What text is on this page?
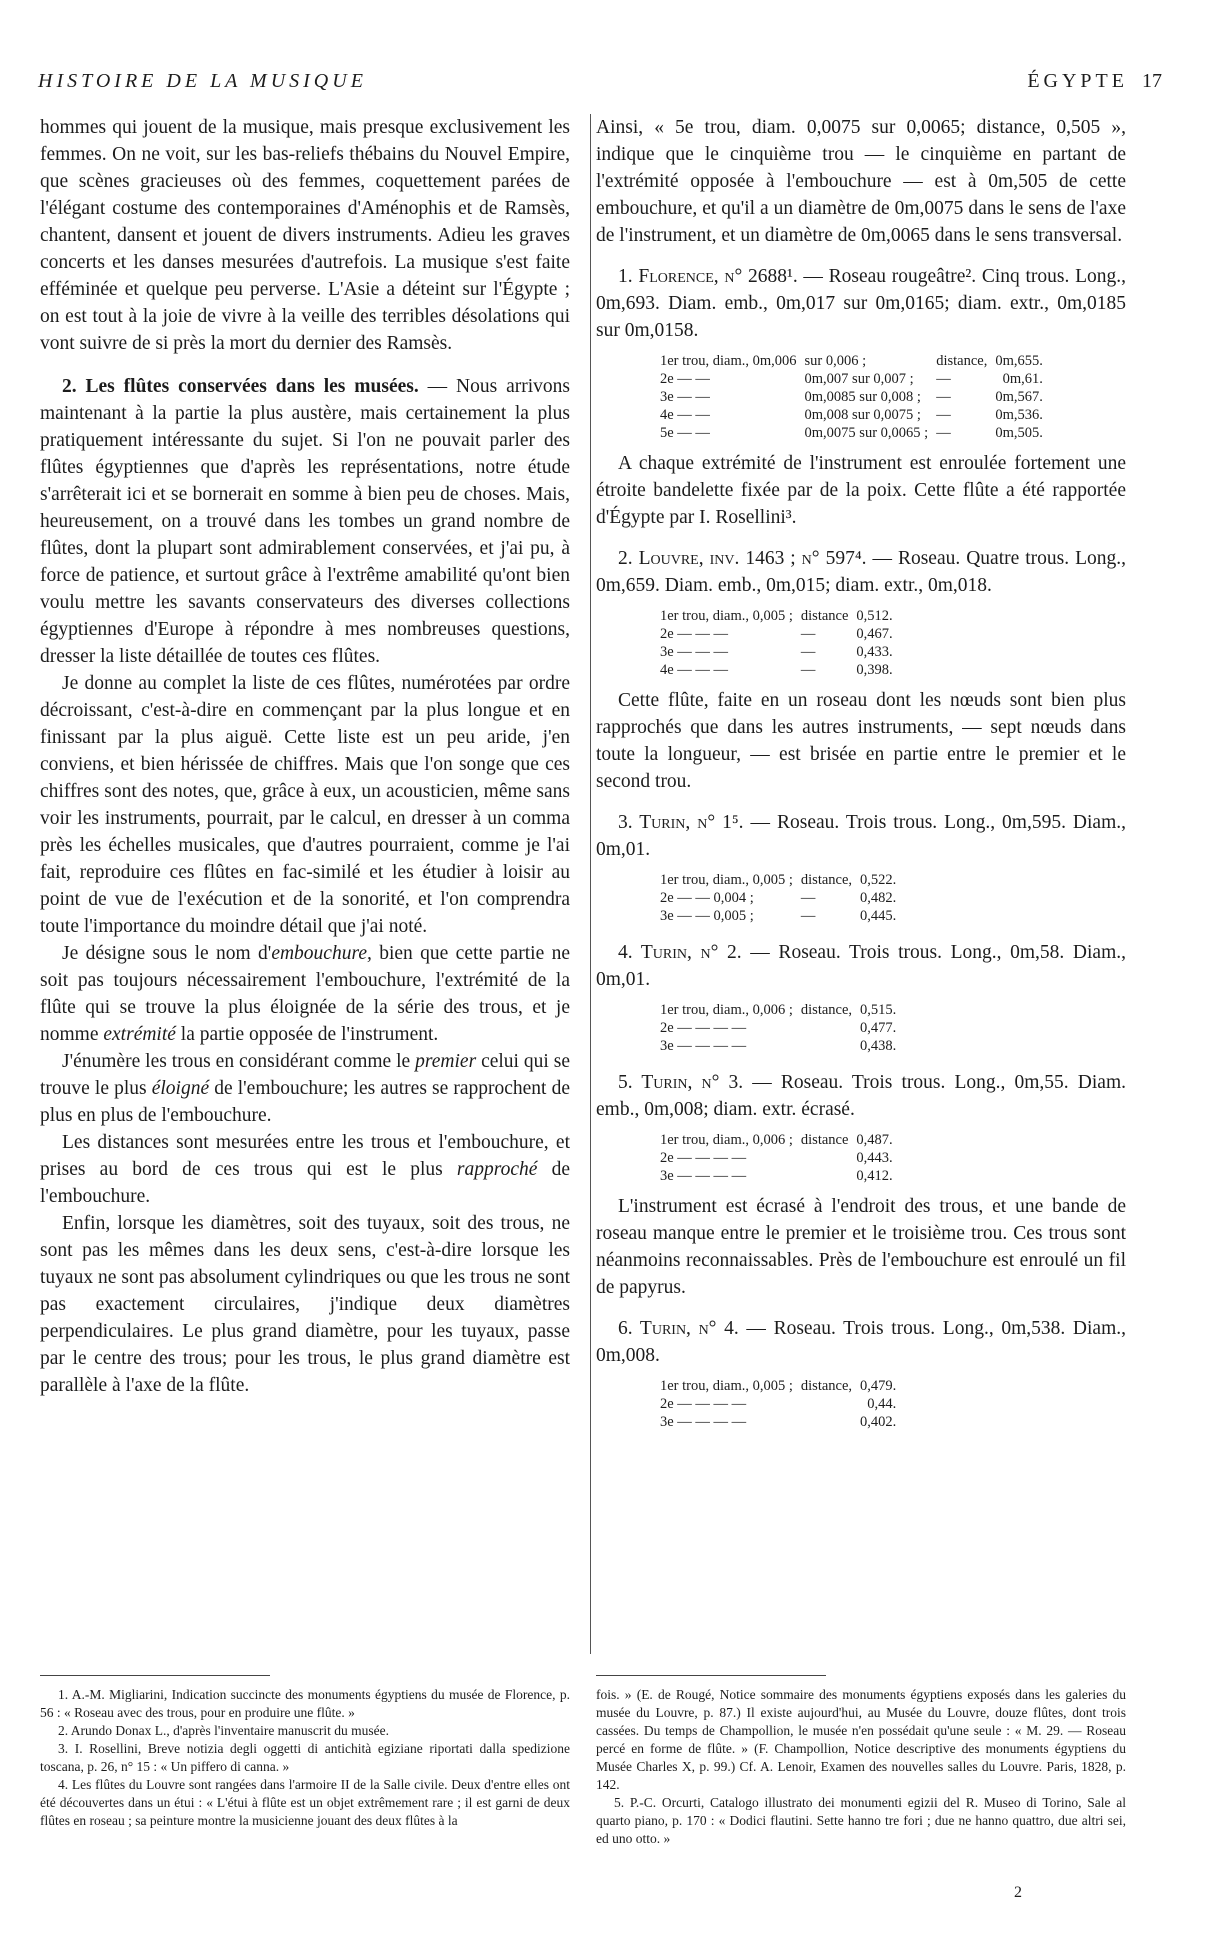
HISTOIRE DE LA MUSIQUE	ÉGYPTE 17

hommes qui jouent de la musique, mais presque exclusivement les femmes. On ne voit, sur les bas-reliefs thébains du Nouvel Empire, que scènes gracieuses où des femmes, coquettement parées de l'élégant costume des contemporaines d'Aménophis et de Ramsès, chantent, dansent et jouent de divers instruments. Adieu les graves concerts et les danses mesurées d'autrefois. La musique s'est faite efféminée et quelque peu perverse. L'Asie a déteint sur l'Égypte ; on est tout à la joie de vivre à la veille des terribles désolations qui vont suivre de si près la mort du dernier des Ramsès.

2. Les flûtes conservées dans les musées. — Nous arrivons maintenant à la partie la plus austère, mais certainement la plus pratiquement intéressante du sujet. Si l'on ne pouvait parler des flûtes égyptiennes que d'après les représentations, notre étude s'arrêterait ici et se bornerait en somme à bien peu de choses. Mais, heureusement, on a trouvé dans les tombes un grand nombre de flûtes, dont la plupart sont admirablement conservées, et j'ai pu, à force de patience, et surtout grâce à l'extrême amabilité qu'ont bien voulu mettre les savants conservateurs des diverses collections égyptiennes d'Europe à répondre à mes nombreuses questions, dresser la liste détaillée de toutes ces flûtes.

Je donne au complet la liste de ces flûtes, numérotées par ordre décroissant, c'est-à-dire en commençant par la plus longue et en finissant par la plus aiguë. Cette liste est un peu aride, j'en conviens, et bien hérissée de chiffres. Mais que l'on songe que ces chiffres sont des notes, que, grâce à eux, un acousticien, même sans voir les instruments, pourrait, par le calcul, en dresser à un comma près les échelles musicales, que d'autres pourraient, comme je l'ai fait, reproduire ces flûtes en fac-similé et les étudier à loisir au point de vue de l'exécution et de la sonorité, et l'on comprendra toute l'importance du moindre détail que j'ai noté.

Je désigne sous le nom d'embouchure, bien que cette partie ne soit pas toujours nécessairement l'embouchure, l'extrémité de la flûte qui se trouve la plus éloignée de la série des trous, et je nomme extrémité la partie opposée de l'instrument.

J'énumère les trous en considérant comme le premier celui qui se trouve le plus éloigné de l'embouchure; les autres se rapprochent de plus en plus de l'embouchure.

Les distances sont mesurées entre les trous et l'embouchure, et prises au bord de ces trous qui est le plus rapproché de l'embouchure.

Enfin, lorsque les diamètres, soit des tuyaux, soit des trous, ne sont pas les mêmes dans les deux sens, c'est-à-dire lorsque les tuyaux ne sont pas absolument cylindriques ou que les trous ne sont pas exactement circulaires, j'indique deux diamètres perpendiculaires. Le plus grand diamètre, pour les tuyaux, passe par le centre des trous; pour les trous, le plus grand diamètre est parallèle à l'axe de la flûte.

Ainsi, « 5e trou, diam. 0,0075 sur 0,0065; distance, 0,505 », indique que le cinquième trou — le cinquième en partant de l'extrémité opposée à l'embouchure — est à 0m,505 de cette embouchure, et qu'il a un diamètre de 0m,0075 dans le sens de l'axe de l'instrument, et un diamètre de 0m,0065 dans le sens transversal.

1. Florence, n° 2688¹. — Roseau rougeâtre². Cinq trous. Long., 0m,693. Diam. emb., 0m,017 sur 0m,0165; diam. extr., 0m,0185 sur 0m,0158.

1er trou, diam., 0m,006	sur 0,006 ;	distance,	0m,655.
2e — —	0m,007 sur 0,007 ;	—	0m,61.
3e — —	0m,0085 sur 0,008 ;	—	0m,567.
4e — —	0m,008 sur 0,0075 ;	—	0m,536.
5e — —	0m,0075 sur 0,0065 ;	—	0m,505.

A chaque extrémité de l'instrument est enroulée fortement une étroite bandelette fixée par de la poix. Cette flûte a été rapportée d'Égypte par I. Rosellini³.

2. Louvre, inv. 1463 ; n° 597⁴. — Roseau. Quatre trous. Long., 0m,659. Diam. emb., 0m,015; diam. extr., 0m,018.

1er trou, diam., 0,005 ;	distance	0,512.
2e — — —	—	0,467.
3e — — —	—	0,433.
4e — — —	—	0,398.

Cette flûte, faite en un roseau dont les nœuds sont bien plus rapprochés que dans les autres instruments, — sept nœuds dans toute la longueur, — est brisée en partie entre le premier et le second trou.

3. Turin, n° 1⁵. — Roseau. Trois trous. Long., 0m,595. Diam., 0m,01.

1er trou, diam., 0,005 ;	distance,	0,522.
2e — — 0,004 ;	—	0,482.
3e — — 0,005 ;	—	0,445.

4. Turin, n° 2. — Roseau. Trois trous. Long., 0m,58. Diam., 0m,01.

1er trou, diam., 0,006 ;	distance,	0,515.
2e — — — —		0,477.
3e — — — —		0,438.

5. Turin, n° 3. — Roseau. Trois trous. Long., 0m,55. Diam. emb., 0m,008; diam. extr. écrasé.

1er trou, diam., 0,006 ;	distance	0,487.
2e — — — —		0,443.
3e — — — —		0,412.

L'instrument est écrasé à l'endroit des trous, et une bande de roseau manque entre le premier et le troisième trou. Ces trous sont néanmoins reconnaissables. Près de l'embouchure est enroulé un fil de papyrus.

6. Turin, n° 4. — Roseau. Trois trous. Long., 0m,538. Diam., 0m,008.

1er trou, diam., 0,005 ;	distance,	0,479.
2e — — — —		0,44.
3e — — — —		0,402.

1. A.-M. Migliarini, Indication succincte des monuments égyptiens du musée de Florence, p. 56 : « Roseau avec des trous, pour en produire une flûte. »

2. Arundo Donax L., d'après l'inventaire manuscrit du musée.

3. I. Rosellini, Breve notizia degli oggetti di antichità egiziane riportati dalla spedizione toscana, p. 26, n° 15 : « Un piffero di canna. »

4. Les flûtes du Louvre sont rangées dans l'armoire II de la Salle civile. Deux d'entre elles ont été découvertes dans un étui : « L'étui à flûte est un objet extrêmement rare ; il est garni de deux flûtes en roseau ; sa peinture montre la musicienne jouant des deux flûtes à la

fois. » (E. de Rougé, Notice sommaire des monuments égyptiens exposés dans les galeries du musée du Louvre, p. 87.) Il existe aujourd'hui, au Musée du Louvre, douze flûtes, dont trois cassées. Du temps de Champollion, le musée n'en possédait qu'une seule : « M. 29. — Roseau percé en forme de flûte. » (F. Champollion, Notice descriptive des monuments égyptiens du Musée Charles X, p. 99.) Cf. A. Lenoir, Examen des nouvelles salles du Louvre. Paris, 1828, p. 142.

5. P.-C. Orcurti, Catalogo illustrato dei monumenti egizii del R. Museo di Torino, Sale al quarto piano, p. 170 : « Dodici flautini. Sette hanno tre fori ; due ne hanno quattro, due altri sei, ed uno otto. »

2
